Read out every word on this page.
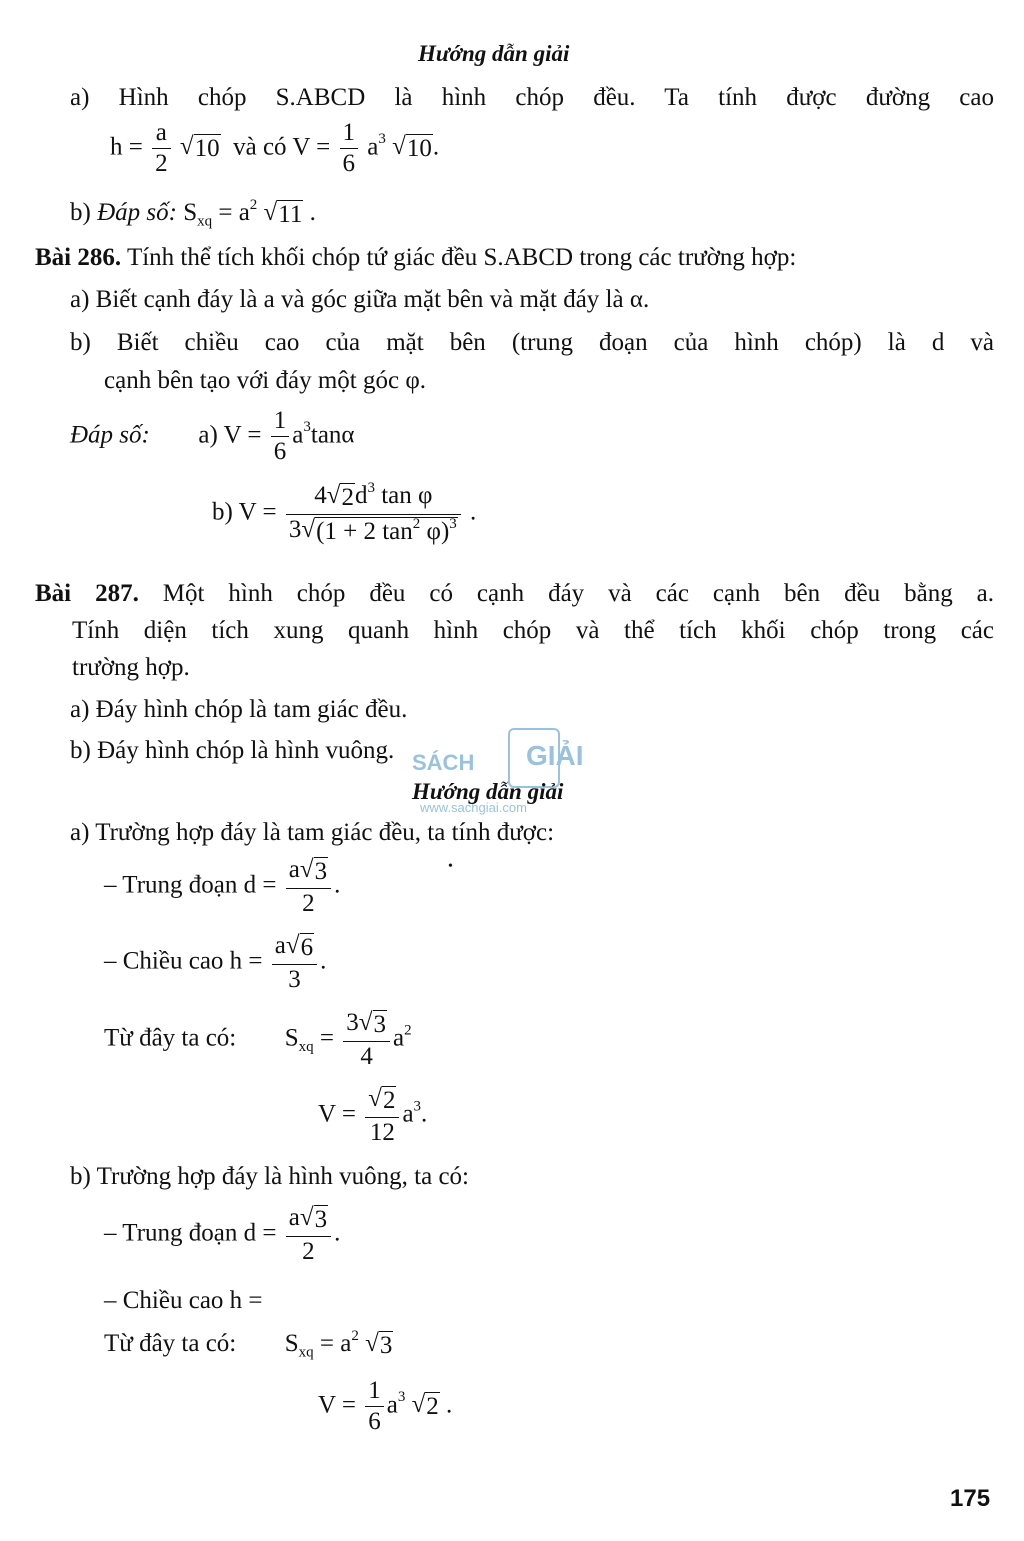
Hướng dẫn giải
a) Hình chóp S.ABCD là hình chóp đều. Ta tính được đường cao
$h = \frac{a}{2}$
√ 10 và có $V = \frac{1}{6} a^3$ √ 10 .
b) Đáp số: $S_{xq} = a^2$ √ 11 .
Bài 286. Tính thể tích khối chóp tứ giác đều S.ABCD trong các trường hợp:
a) Biết cạnh đáy là a và góc giữa mặt bên và mặt đáy là α.
b) Biết chiều cao của mặt bên (trung đoạn của hình chóp) là d và
cạnh bên tạo với đáy một góc φ.
Đáp số: a) $V = \frac{1}{6} a^3\tan\alpha$
b) $V = \frac{4 √ 2 d^3 \tan \varphi}{3 √ (1 + 2 \tan^2 \varphi)^3}$ .
Bài 287. Một hình chóp đều có cạnh đáy và các cạnh bên đều bằng a.
Tính diện tích xung quanh hình chóp và thể tích khối chóp trong các
trường hợp.
a) Đáy hình chóp là tam giác đều.
b) Đáy hình chóp là hình vuông. SÁCH GIẢI
www.sachgiai.com
Hướng dẫn giải
a) Trường hợp đáy là tam giác đều, ta tính được:
– Trung đoạn $d = \frac{a √ 3}{2}$ .
•
– Chiều cao $h = \frac{a √ 6}{3}$ .
Từ đây ta có: $S_{xq} = \frac{3 √ 3}{4} a^2$
$V = \frac{√ 2}{12} a^3$.
b) Trường hợp đáy là hình vuông, ta có:
– Trung đoạn $d = \frac{a √ 3}{2}$ .
– Chiều cao h =
Từ đây ta có: $S_{xq} = a^2$ √ 3
$V = \frac{1}{6} a^3$ √ 2 .
175
